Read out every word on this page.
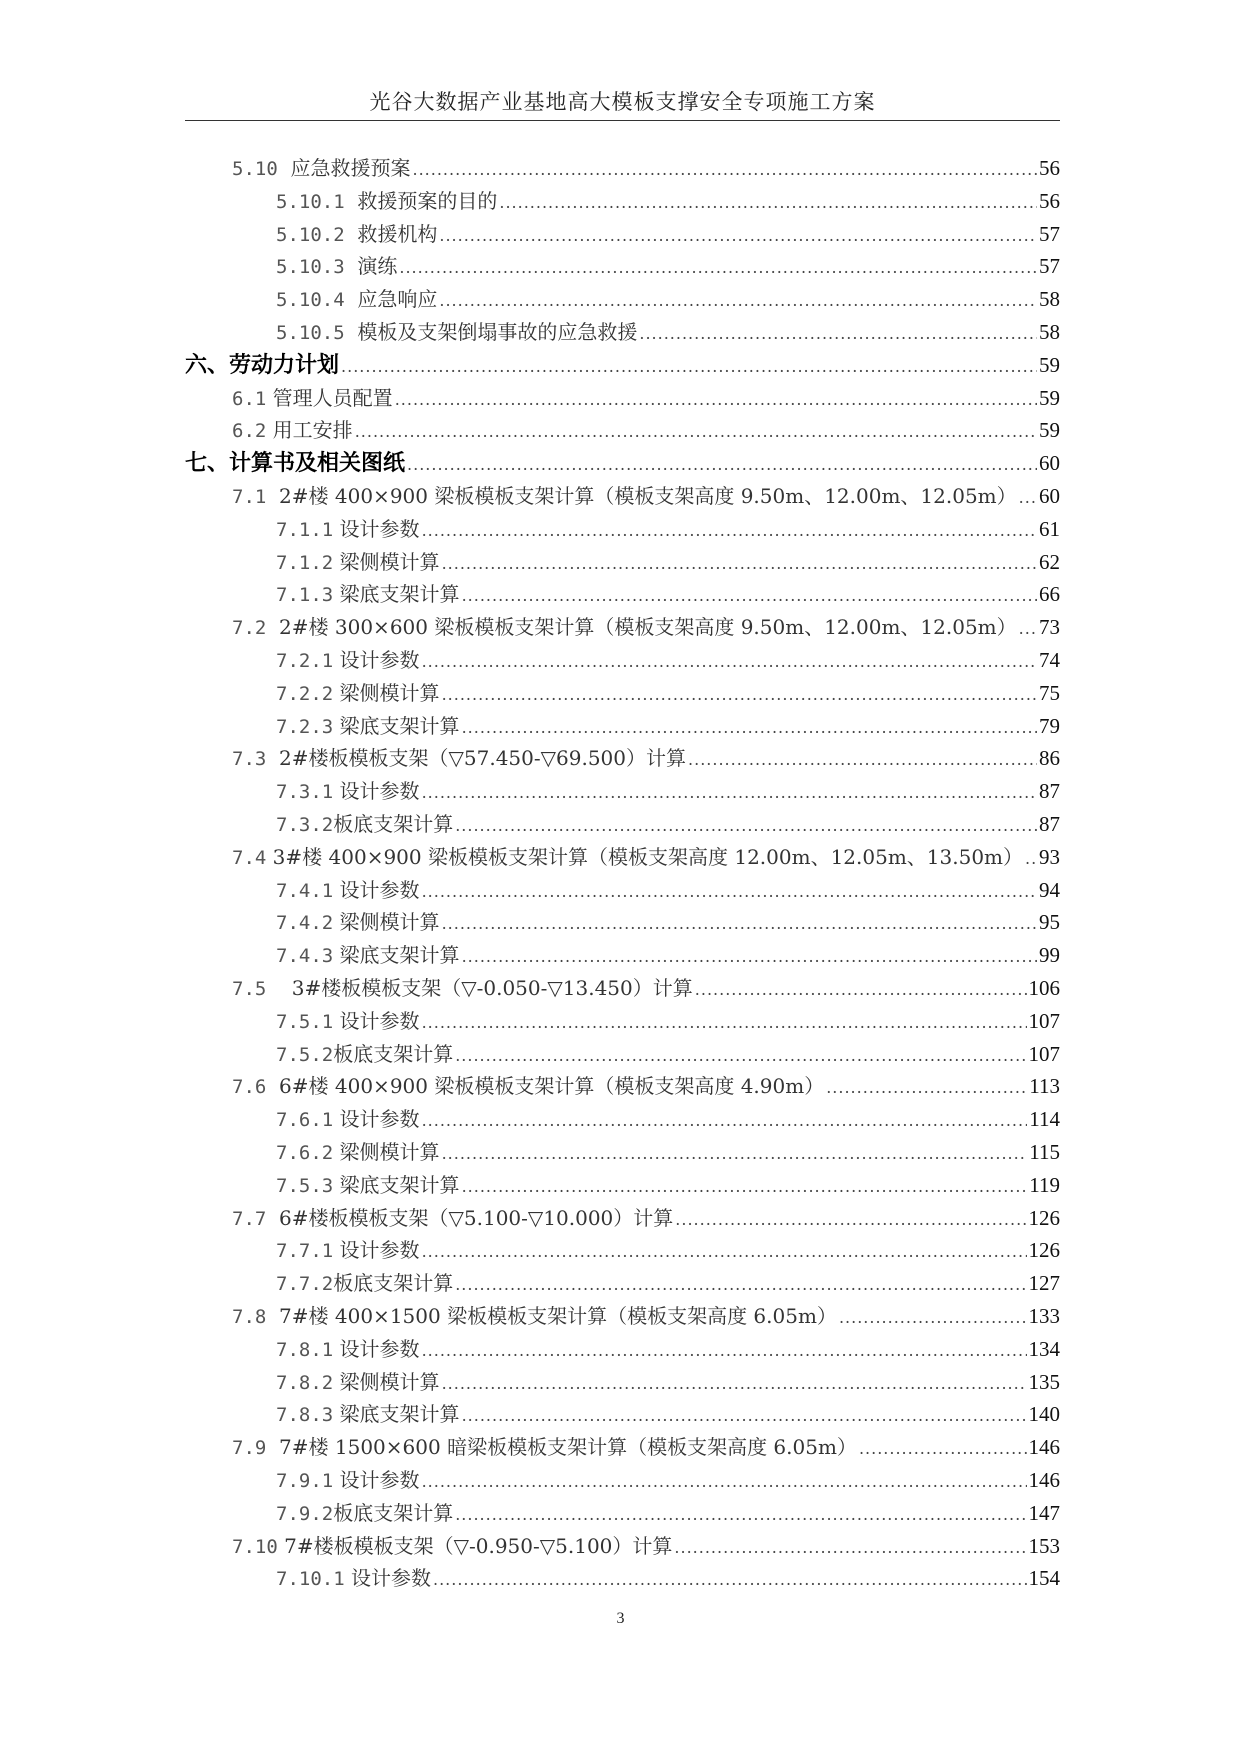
光谷大数据产业基地高大模板支撑安全专项施工方案
5.10 应急救援预案 .....	56
5.10.1 救援预案的目的 .....	56
5.10.2 救援机构 .....	57
5.10.3 演练 .....	57
5.10.4 应急响应 .....	58
5.10.5 模板及支架倒塌事故的应急救援 .....	58
六、劳动力计划 .....	59
6.1 管理人员配置 .....	59
6.2 用工安排 .....	59
七、计算书及相关图纸 .....	60
7.1 2#楼 400×900 梁板模板支架计算（模板支架高度 9.50m、12.00m、12.05m） ..... 60
7.1.1 设计参数 .....	61
7.1.2 梁侧模计算 .....	62
7.1.3 梁底支架计算 .....	66
7.2 2#楼 300×600 梁板模板支架计算（模板支架高度 9.50m、12.00m、12.05m） ..... 73
7.2.1 设计参数 .....	74
7.2.2 梁侧模计算 .....	75
7.2.3 梁底支架计算 .....	79
7.3 2#楼板模板支架（▽57.450-▽69.500）计算 .....	86
7.3.1 设计参数 .....	87
7.3.2 板底支架计算 .....	87
7.4 3#楼 400×900 梁板模板支架计算（模板支架高度 12.00m、12.05m、13.50m） ..... 93
7.4.1 设计参数 .....	94
7.4.2 梁侧模计算 .....	95
7.4.3 梁底支架计算 .....	99
7.5 3#楼板模板支架（▽-0.050-▽13.450）计算 .....	106
7.5.1 设计参数 .....	107
7.5.2 板底支架计算 .....	107
7.6 6#楼 400×900 梁板模板支架计算（模板支架高度 4.90m） .....	113
7.6.1 设计参数 .....	114
7.6.2 梁侧模计算 .....	115
7.5.3 梁底支架计算 .....	119
7.7 6#楼板模板支架（▽5.100-▽10.000）计算 .....	126
7.7.1 设计参数 .....	126
7.7.2 板底支架计算 .....	127
7.8 7#楼 400×1500 梁板模板支架计算（模板支架高度 6.05m） .....	133
7.8.1 设计参数 .....	134
7.8.2 梁侧模计算 .....	135
7.8.3 梁底支架计算 .....	140
7.9 7#楼 1500×600 暗梁板模板支架计算（模板支架高度 6.05m） .....	146
7.9.1 设计参数 .....	146
7.9.2 板底支架计算 .....	147
7.10 7#楼板模板支架（▽-0.950-▽5.100）计算 .....	153
7.10.1 设计参数 .....	154
3
